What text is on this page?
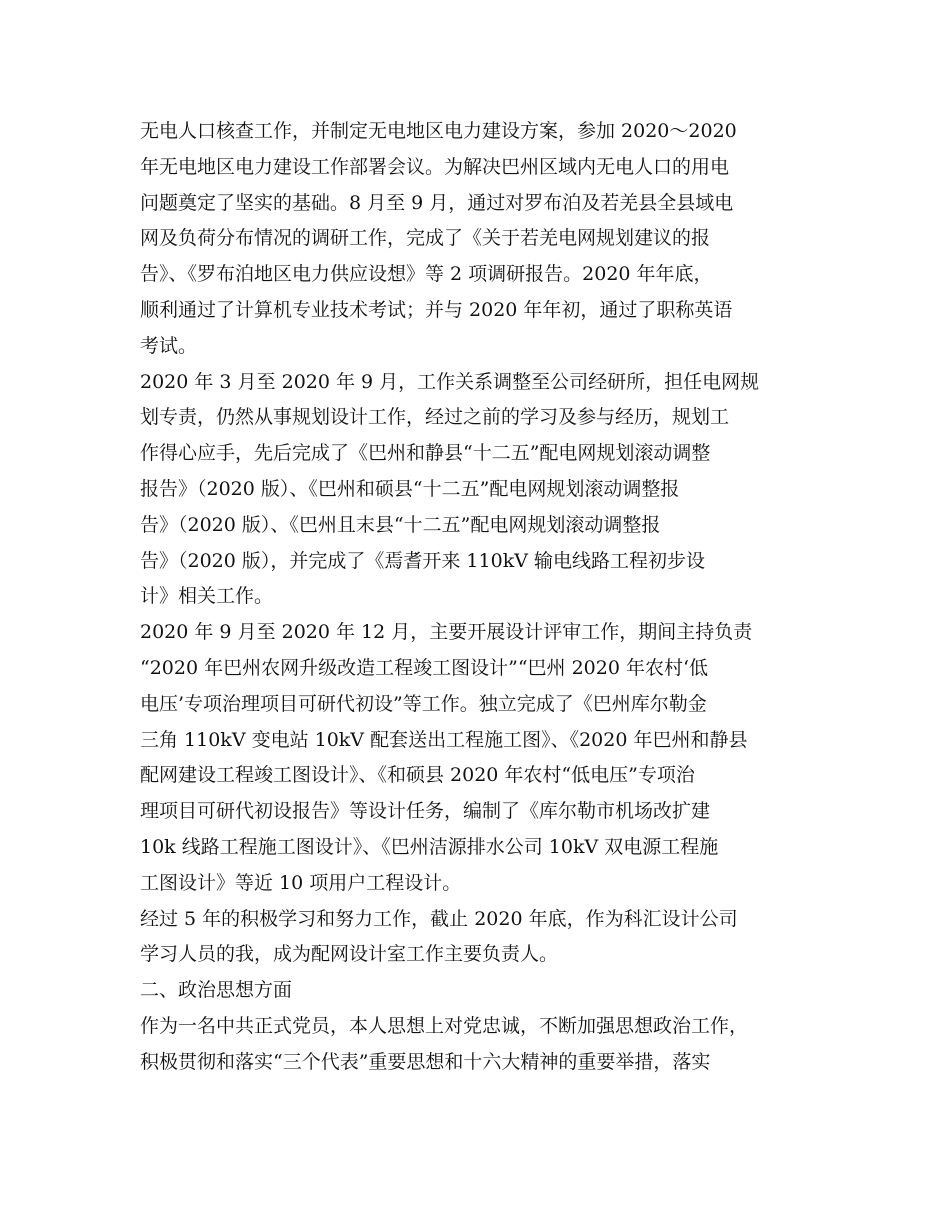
无电人口核查工作，并制定无电地区电力建设方案，参加 2020～2020
年无电地区电力建设工作部署会议。为解决巴州区域内无电人口的用电
问题奠定了坚实的基础。8 月至 9 月，通过对罗布泊及若羌县全县域电
网及负荷分布情况的调研工作，完成了《关于若羌电网规划建议的报
告》、《罗布泊地区电力供应设想》等 2 项调研报告。2020 年年底，
顺利通过了计算机专业技术考试；并与 2020 年年初，通过了职称英语
考试。
2020 年 3 月至 2020 年 9 月，工作关系调整至公司经研所，担任电网规
划专责，仍然从事规划设计工作，经过之前的学习及参与经历，规划工
作得心应手，先后完成了《巴州和静县“十二五”配电网规划滚动调整
报告》（2020 版）、《巴州和硕县“十二五”配电网规划滚动调整报
告》（2020 版）、《巴州且末县“十二五”配电网规划滚动调整报
告》（2020 版），并完成了《焉耆开来 110kV 输电线路工程初步设
计》相关工作。
2020 年 9 月至 2020 年 12 月，主要开展设计评审工作，期间主持负责
“2020 年巴州农网升级改造工程竣工图设计”“巴州 2020 年农村‘低
电压’专项治理项目可研代初设”等工作。独立完成了《巴州库尔勒金
三角 110kV 变电站 10kV 配套送出工程施工图》、《2020 年巴州和静县
配网建设工程竣工图设计》、《和硕县 2020 年农村“低电压”专项治
理项目可研代初设报告》等设计任务，编制了《库尔勒市机场改扩建
10k 线路工程施工图设计》、《巴州洁源排水公司 10kV 双电源工程施
工图设计》等近 10 项用户工程设计。
经过 5 年的积极学习和努力工作，截止 2020 年底，作为科汇设计公司
学习人员的我，成为配网设计室工作主要负责人。
二、政治思想方面
作为一名中共正式党员，本人思想上对党忠诚，不断加强思想政治工作，
积极贯彻和落实“三个代表”重要思想和十六大精神的重要举措，落实
